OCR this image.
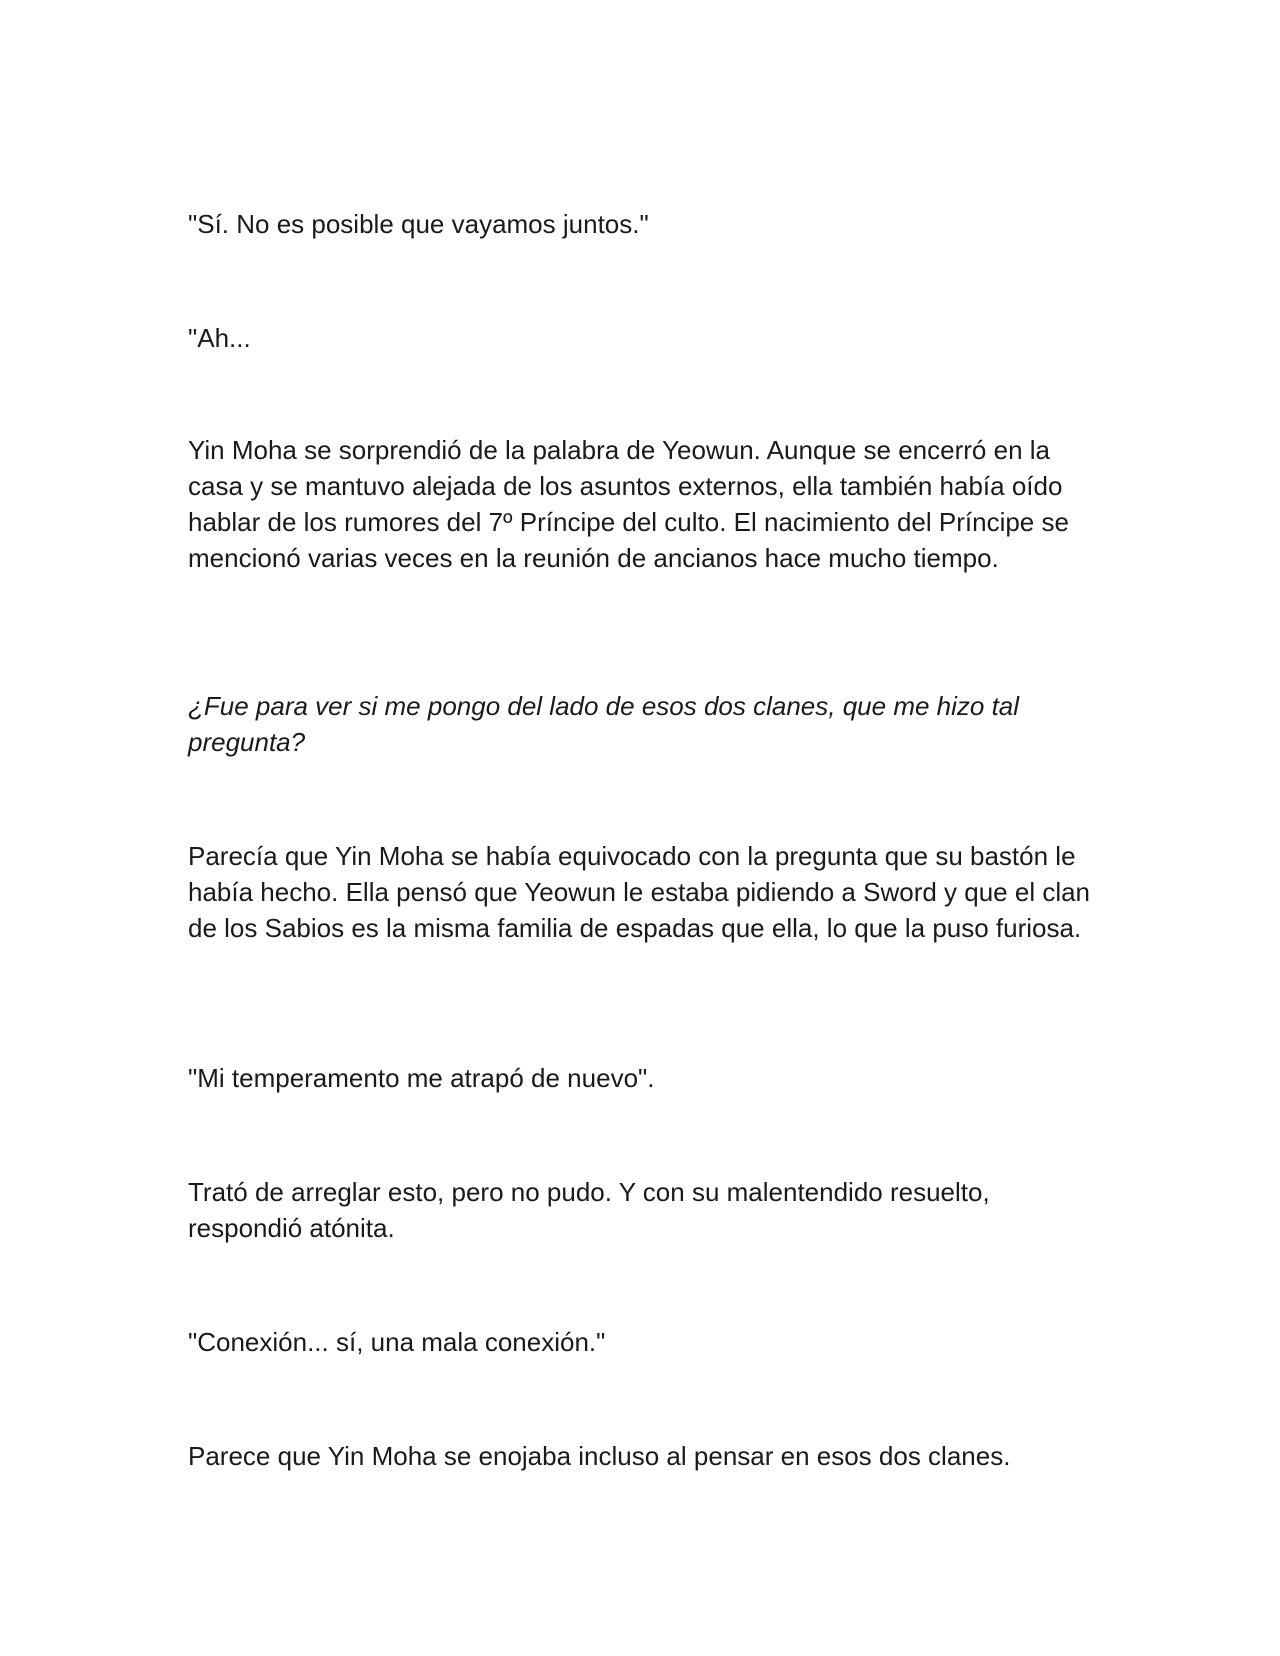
"Sí. No es posible que vayamos juntos."

"Ah...

Yin Moha se sorprendió de la palabra de Yeowun. Aunque se encerró en la casa y se mantuvo alejada de los asuntos externos, ella también había oído hablar de los rumores del 7º Príncipe del culto. El nacimiento del Príncipe se mencionó varias veces en la reunión de ancianos hace mucho tiempo.

¿Fue para ver si me pongo del lado de esos dos clanes, que me hizo tal pregunta?

Parecía que Yin Moha se había equivocado con la pregunta que su bastón le había hecho. Ella pensó que Yeowun le estaba pidiendo a Sword y que el clan de los Sabios es la misma familia de espadas que ella, lo que la puso furiosa.

"Mi temperamento me atrapó de nuevo".

Trató de arreglar esto, pero no pudo. Y con su malentendido resuelto, respondió atónita.

"Conexión... sí, una mala conexión."

Parece que Yin Moha se enojaba incluso al pensar en esos dos clanes.
